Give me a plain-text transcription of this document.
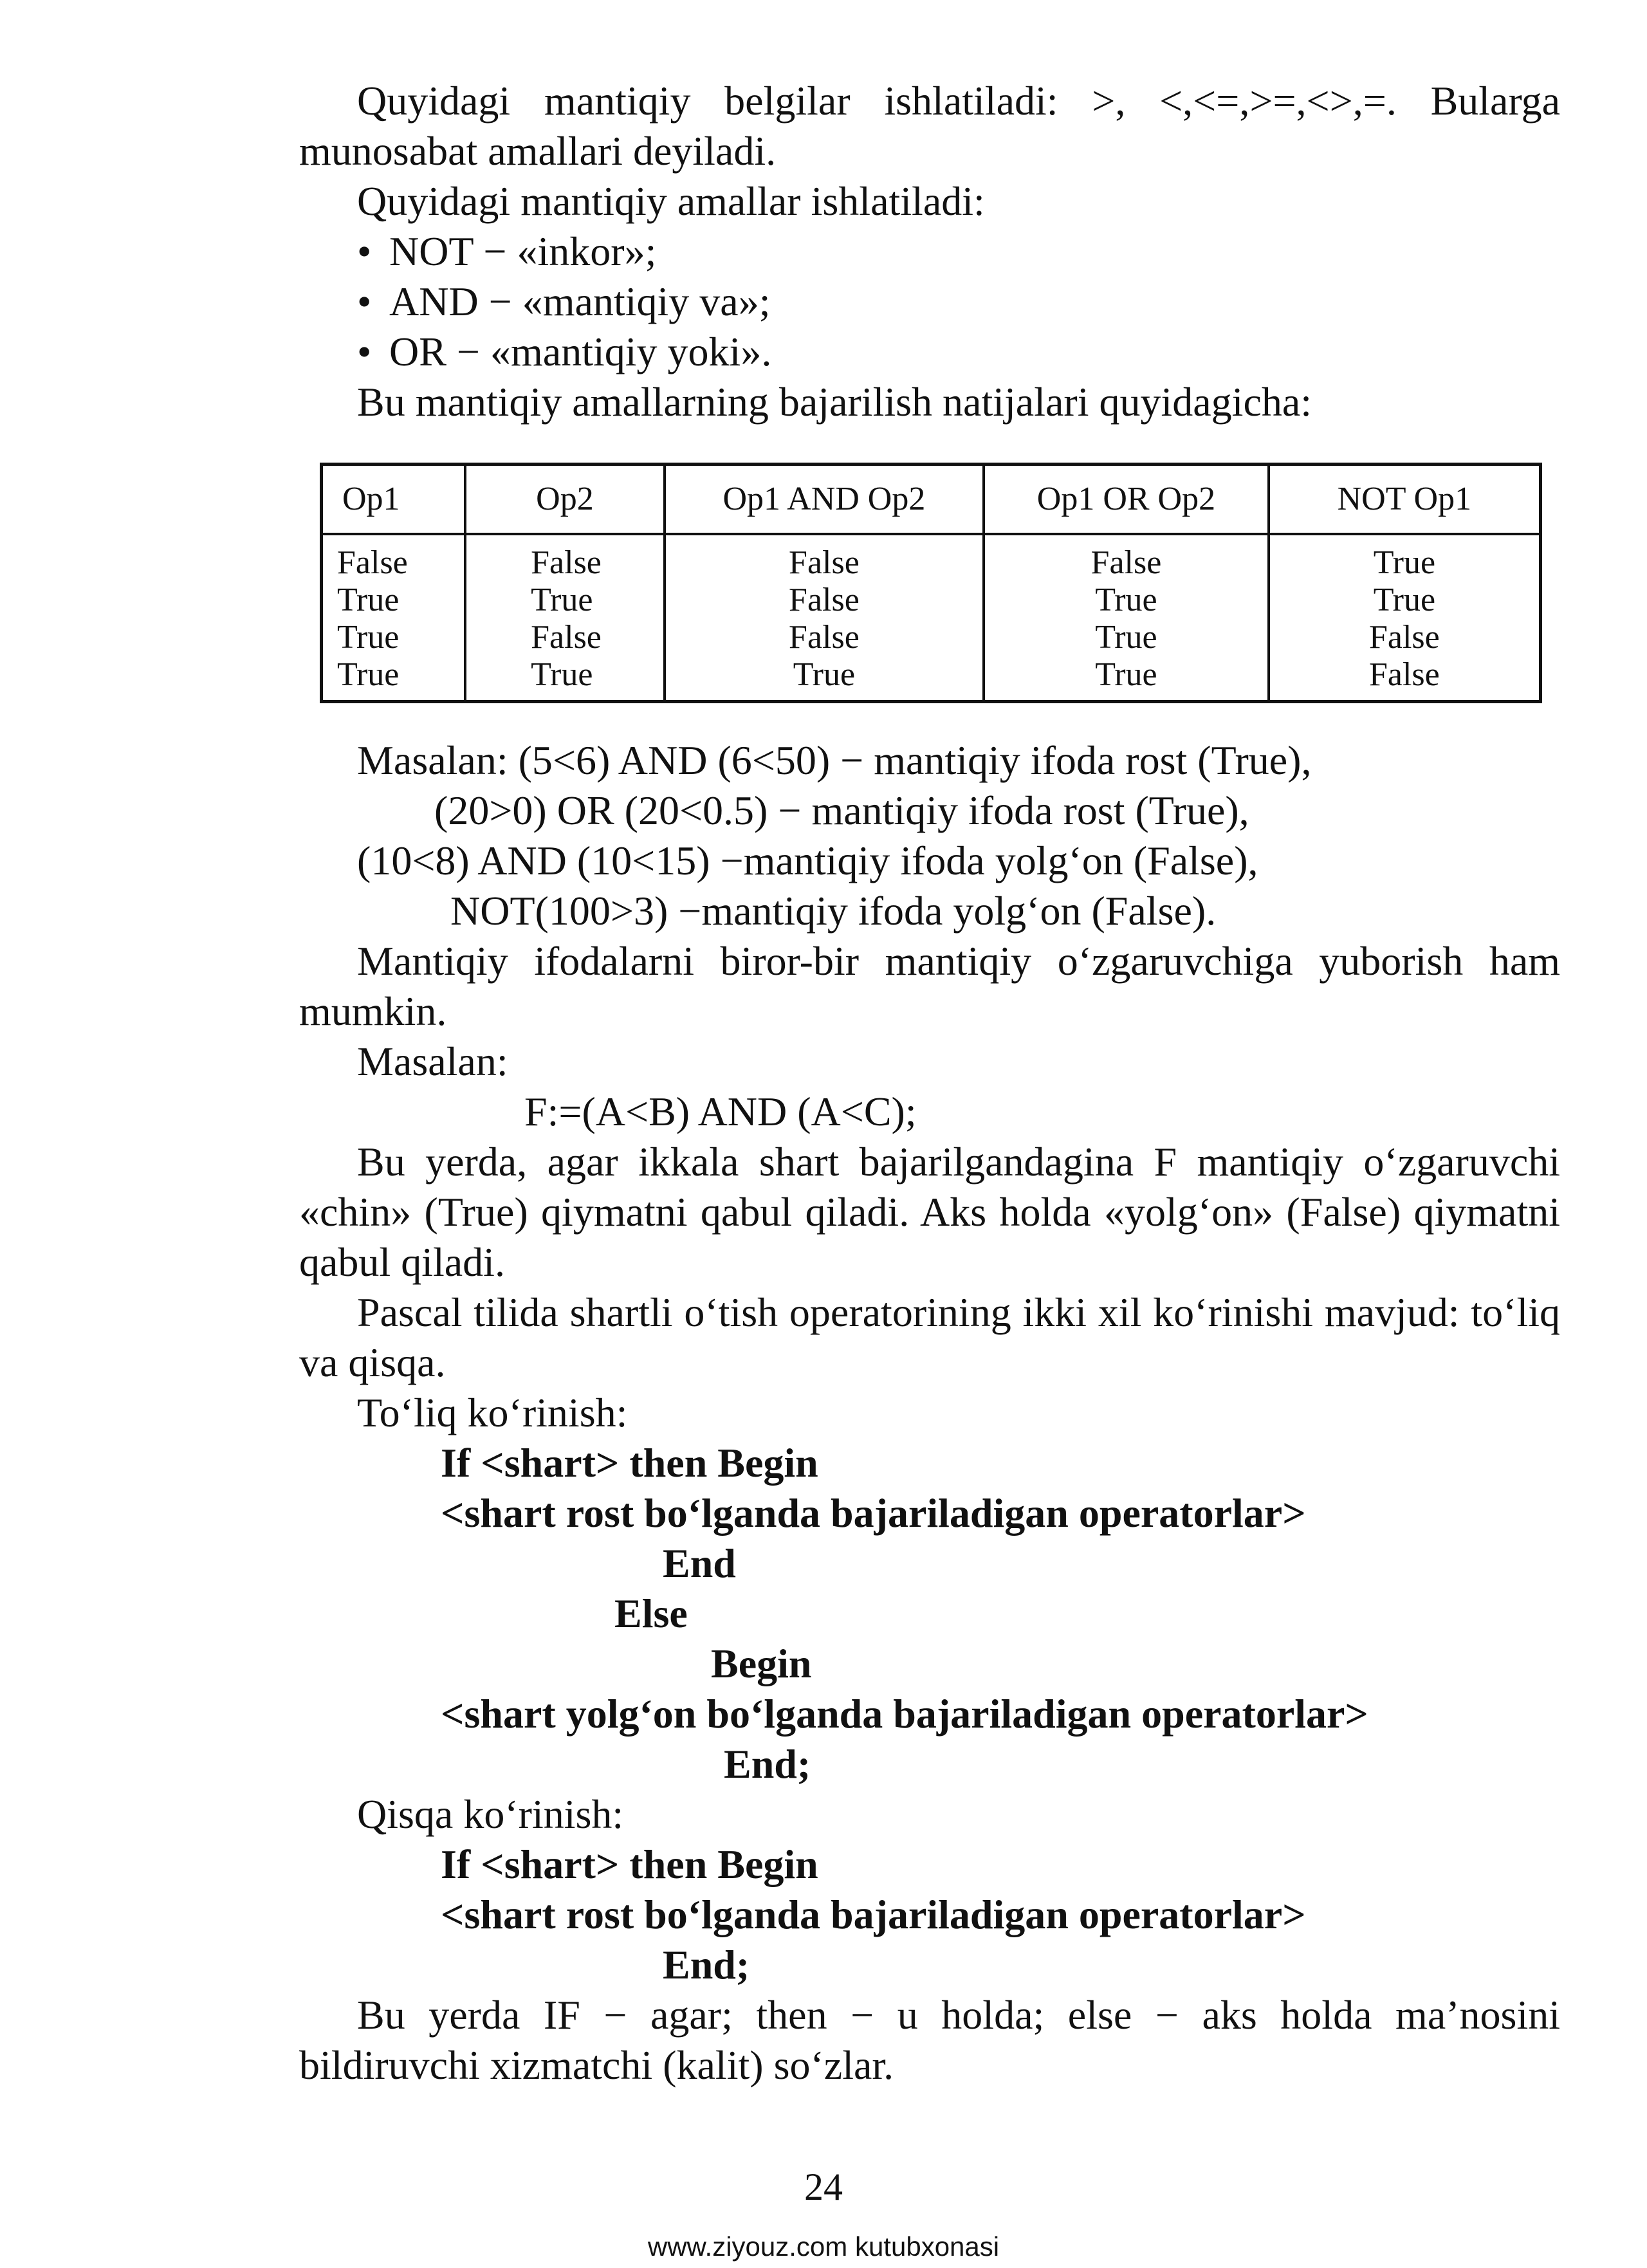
Quyidagi mantiqiy belgilar ishlatiladi: >, <,<=,>=,<>,=. Bularga munosabat amallari deyiladi.

Quyidagi mantiqiy amallar ishlatiladi:

• NOT − «inkor»;

• AND − «mantiqiy va»;

• OR − «mantiqiy yoki».

Bu mantiqiy amallarning bajarilish natijalari quyidagicha:

Op1	Op2	Op1 AND Op2	Op1 OR Op2	NOT Op1
False	False	False	False	True
True	True	False	True	True
True	False	False	True	False
True	True	True	True	False

Masalan: (5<6) AND (6<50) − mantiqiy ifoda rost (True),

(20>0) OR (20<0.5) − mantiqiy ifoda rost (True),

(10<8) AND (10<15) −mantiqiy ifoda yolg‘on (False),

NOT(100>3) −mantiqiy ifoda yolg‘on (False).

Mantiqiy ifodalarni biror-bir mantiqiy o‘zgaruvchiga yuborish ham mumkin.

Masalan:

F:=(A<B) AND (A<C);

Bu yerda, agar ikkala shart bajarilgandagina F mantiqiy o‘zgaruvchi «chin» (True) qiymatni qabul qiladi. Aks holda «yolg‘on» (False) qiymatni qabul qiladi.

Pascal tilida shartli o‘tish operatorining ikki xil ko‘rinishi mavjud: to‘liq va qisqa.

To‘liq ko‘rinish:

If <shart> then Begin

<shart rost bo‘lganda bajariladigan operatorlar>

End

Else

Begin

<shart yolg‘on bo‘lganda bajariladigan operatorlar>

End;

Qisqa ko‘rinish:

If <shart> then Begin

<shart rost bo‘lganda bajariladigan operatorlar>

End;

Bu yerda IF − agar; then − u holda; else − aks holda ma’nosini bildiruvchi xizmatchi (kalit) so‘zlar.

24
www.ziyouz.com kutubxonasi
